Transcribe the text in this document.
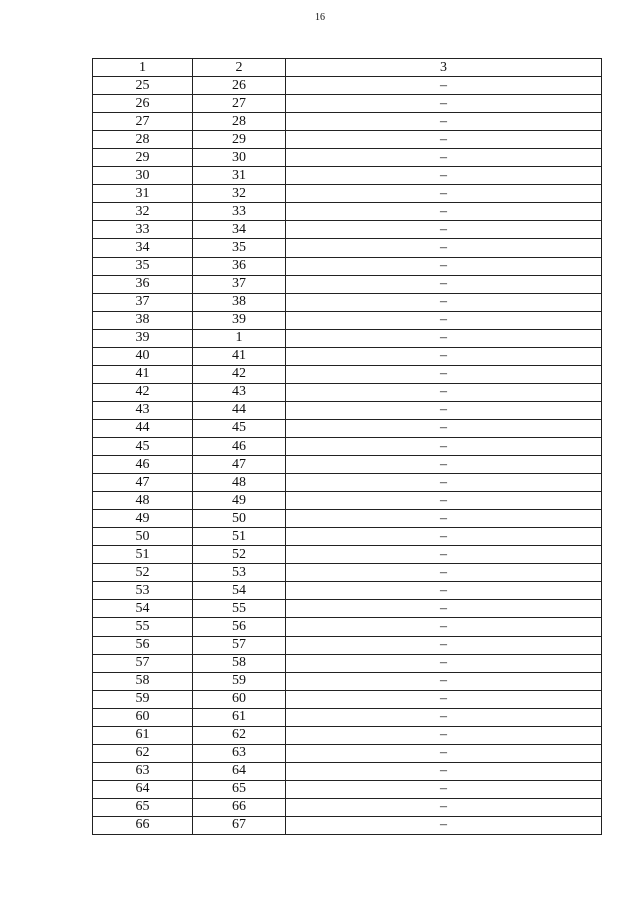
16
1	2	3
25	26	–
26	27	–
27	28	–
28	29	–
29	30	–
30	31	–
31	32	–
32	33	–
33	34	–
34	35	–
35	36	–
36	37	–
37	38	–
38	39	–
39	1	–
40	41	–
41	42	–
42	43	–
43	44	–
44	45	–
45	46	–
46	47	–
47	48	–
48	49	–
49	50	–
50	51	–
51	52	–
52	53	–
53	54	–
54	55	–
55	56	–
56	57	–
57	58	–
58	59	–
59	60	–
60	61	–
61	62	–
62	63	–
63	64	–
64	65	–
65	66	–
66	67	–
